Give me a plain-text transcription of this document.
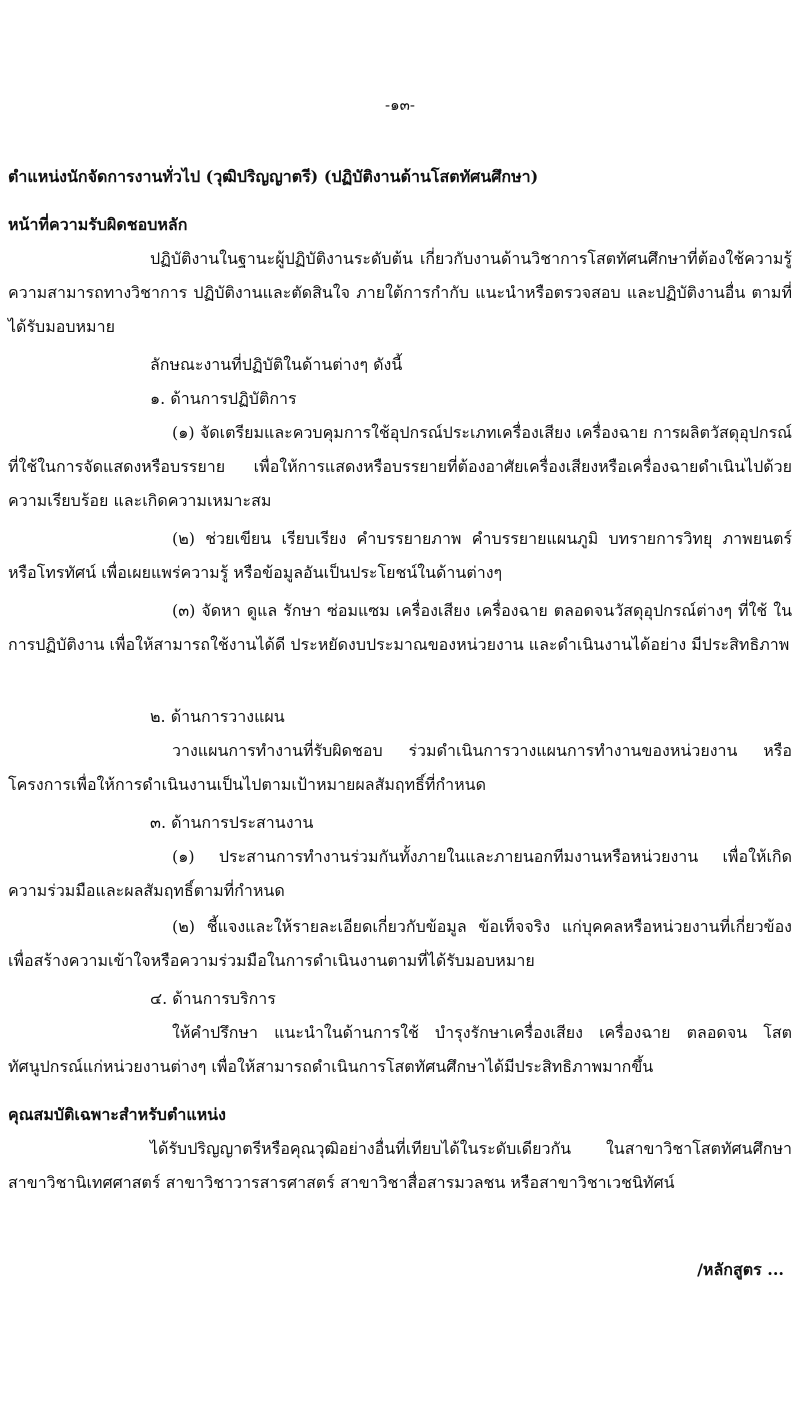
-๑๓-
ตำแหน่งนักจัดการงานทั่วไป (วุฒิปริญญาตรี) (ปฏิบัติงานด้านโสตทัศนศึกษา)
หน้าที่ความรับผิดชอบหลัก
ปฏิบัติงานในฐานะผู้ปฏิบัติงานระดับต้น เกี่ยวกับงานด้านวิชาการโสตทัศนศึกษาที่ต้องใช้ความรู้ ความสามารถทางวิชาการ ปฏิบัติงานและตัดสินใจ ภายใต้การกำกับ แนะนำหรือตรวจสอบ และปฏิบัติงานอื่น ตามที่ได้รับมอบหมาย
ลักษณะงานที่ปฏิบัติในด้านต่างๆ ดังนี้
๑. ด้านการปฏิบัติการ
(๑) จัดเตรียมและควบคุมการใช้อุปกรณ์ประเภทเครื่องเสียง เครื่องฉาย การผลิตวัสดุอุปกรณ์ ที่ใช้ในการจัดแสดงหรือบรรยาย เพื่อให้การแสดงหรือบรรยายที่ต้องอาศัยเครื่องเสียงหรือเครื่องฉายดำเนินไปด้วย ความเรียบร้อย และเกิดความเหมาะสม
(๒) ช่วยเขียน เรียบเรียง คำบรรยายภาพ คำบรรยายแผนภูมิ บทรายการวิทยุ ภาพยนตร์ หรือโทรทัศน์ เพื่อเผยแพร่ความรู้ หรือข้อมูลอันเป็นประโยชน์ในด้านต่างๆ
(๓) จัดหา ดูแล รักษา ซ่อมแซม เครื่องเสียง เครื่องฉาย ตลอดจนวัสดุอุปกรณ์ต่างๆ ที่ใช้ ในการปฏิบัติงาน เพื่อให้สามารถใช้งานได้ดี ประหยัดงบประมาณของหน่วยงาน และดำเนินงานได้อย่าง มีประสิทธิภาพ
๒. ด้านการวางแผน
วางแผนการทำงานที่รับผิดชอบ ร่วมดำเนินการวางแผนการทำงานของหน่วยงาน หรือโครงการเพื่อให้การดำเนินงานเป็นไปตามเป้าหมายผลสัมฤทธิ์ที่กำหนด
๓. ด้านการประสานงาน
(๑) ประสานการทำงานร่วมกันทั้งภายในและภายนอกทีมงานหรือหน่วยงาน เพื่อให้เกิด ความร่วมมือและผลสัมฤทธิ์ตามที่กำหนด
(๒) ชี้แจงและให้รายละเอียดเกี่ยวกับข้อมูล ข้อเท็จจริง แก่บุคคลหรือหน่วยงานที่เกี่ยวข้อง เพื่อสร้างความเข้าใจหรือความร่วมมือในการดำเนินงานตามที่ได้รับมอบหมาย
๔. ด้านการบริการ
ให้คำปรึกษา แนะนำในด้านการใช้ บำรุงรักษาเครื่องเสียง เครื่องฉาย ตลอดจน โสตทัศนูปกรณ์แก่หน่วยงานต่างๆ เพื่อให้สามารถดำเนินการโสตทัศนศึกษาได้มีประสิทธิภาพมากขึ้น
คุณสมบัติเฉพาะสำหรับตำแหน่ง
ได้รับปริญญาตรีหรือคุณวุฒิอย่างอื่นที่เทียบได้ในระดับเดียวกัน ในสาขาวิชาโสตทัศนศึกษา สาขาวิชานิเทศศาสตร์ สาขาวิชาวารสารศาสตร์ สาขาวิชาสื่อสารมวลชน หรือสาขาวิชาเวชนิทัศน์
/หลักสูตร ...
